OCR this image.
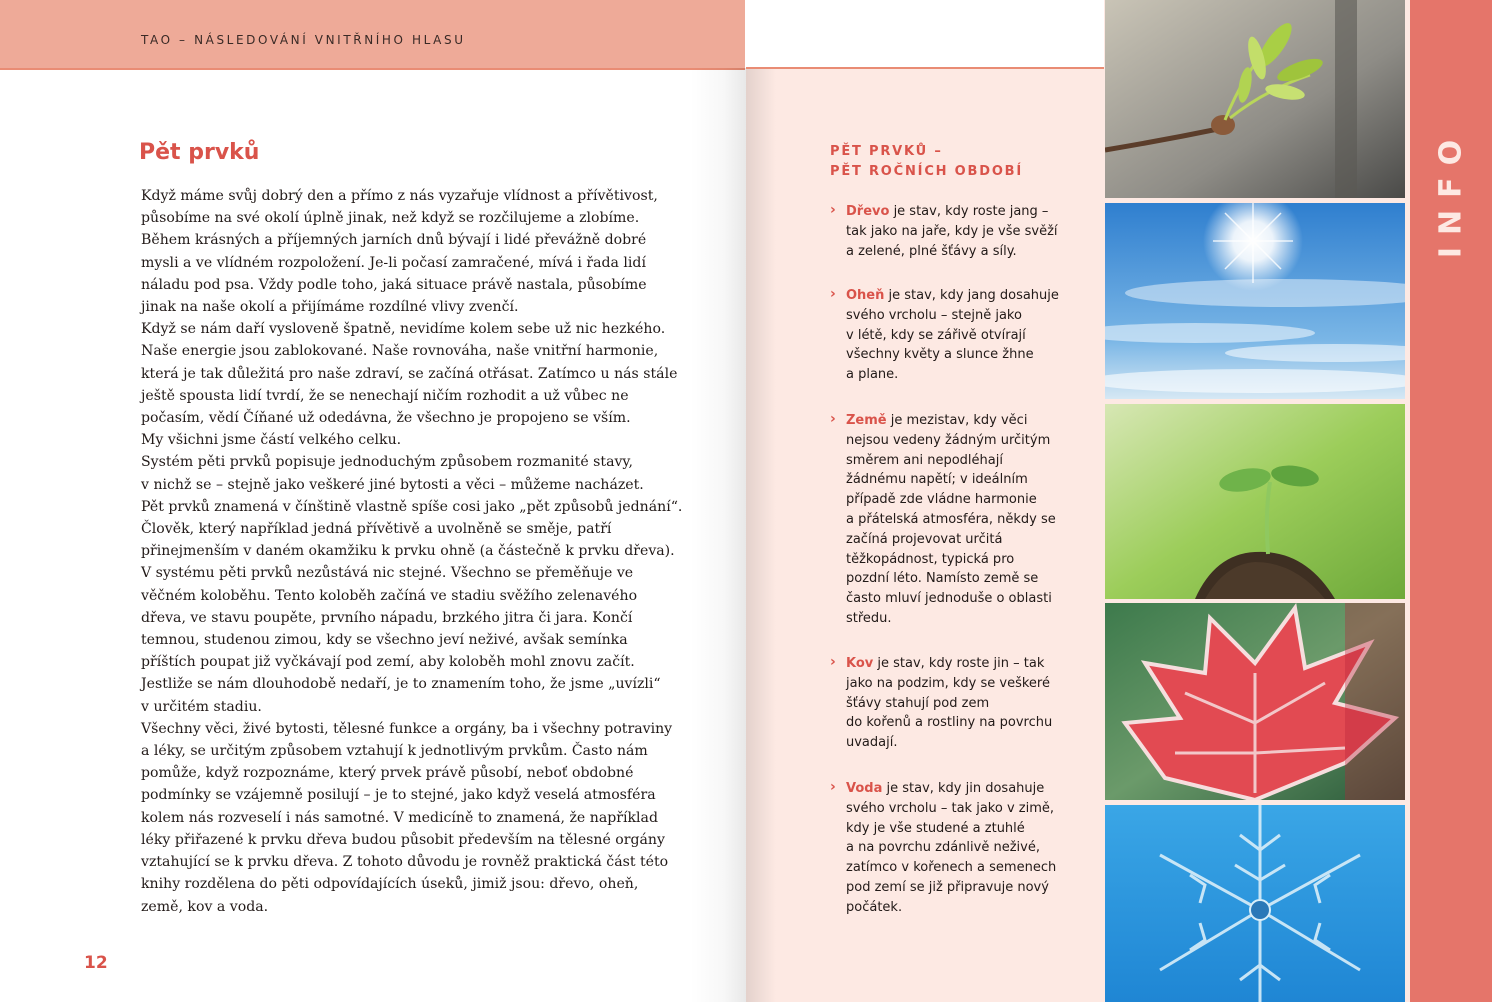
TAO – NÁSLEDOVÁNÍ VNITŘNÍHO HLASU
Pět prvků
Když máme svůj dobrý den a přímo z nás vyzařuje vlídnost a přívětivost,
působíme na své okolí úplně jinak, než když se rozčilujeme a zlobíme.
Během krásných a příjemných jarních dnů bývají i lidé převážně dobré
mysli a ve vlídném rozpoložení. Je-li počasí zamračené, mívá i řada lidí
náladu pod psa. Vždy podle toho, jaká situace právě nastala, působíme
jinak na naše okolí a přijímáme rozdílné vlivy zvenčí.
Když se nám daří vysloveně špatně, nevidíme kolem sebe už nic hezkého.
Naše energie jsou zablokované. Naše rovnováha, naše vnitřní harmonie,
která je tak důležitá pro naše zdraví, se začíná otřásat. Zatímco u nás stále
ještě spousta lidí tvrdí, že se nenechají ničím rozhodit a už vůbec ne
počasím, vědí Číňané už odedávna, že všechno je propojeno se vším.
My všichni jsme částí velkého celku.
Systém pěti prvků popisuje jednoduchým způsobem rozmanité stavy,
v nichž se – stejně jako veškeré jiné bytosti a věci – můžeme nacházet.
Pět prvků znamená v čínštině vlastně spíše cosi jako „pět způsobů jednání“.
Člověk, který například jedná přívětivě a uvolněně se směje, patří
přinejmenším v daném okamžiku k prvku ohně (a částečně k prvku dřeva).
V systému pěti prvků nezůstává nic stejné. Všechno se přeměňuje ve
věčném koloběhu. Tento koloběh začíná ve stadiu svěžího zelenavého
dřeva, ve stavu poupěte, prvního nápadu, brzkého jitra či jara. Končí
temnou, studenou zimou, kdy se všechno jeví neživé, avšak semínka
příštích poupat již vyčkávají pod zemí, aby koloběh mohl znovu začít.
Jestliže se nám dlouhodobě nedaří, je to znamením toho, že jsme „uvízli“
v určitém stadiu.
Všechny věci, živé bytosti, tělesné funkce a orgány, ba i všechny potraviny
a léky, se určitým způsobem vztahují k jednotlivým prvkům. Často nám
pomůže, když rozpoznáme, který prvek právě působí, neboť obdobné
podmínky se vzájemně posilují – je to stejné, jako když veselá atmosféra
kolem nás rozveselí i nás samotné. V medicíně to znamená, že například
léky přiřazené k prvku dřeva budou působit především na tělesné orgány
vztahující se k prvku dřeva. Z tohoto důvodu je rovněž praktická část této
knihy rozdělena do pěti odpovídajících úseků, jimiž jsou: dřevo, oheň,
země, kov a voda.
12
PĚT PRVKŮ –
PĚT ROČNÍCH OBDOBÍ
› Dřevo je stav, kdy roste jang –
tak jako na jaře, kdy je vše svěží
a zelené, plné šťávy a síly.
› Oheň je stav, kdy jang dosahuje
svého vrcholu – stejně jako
v létě, kdy se zářivě otvírají
všechny květy a slunce žhne
a plane.
› Země je mezistav, kdy věci
nejsou vedeny žádným určitým
směrem ani nepodléhají
žádnému napětí; v ideálním
případě zde vládne harmonie
a přátelská atmosféra, někdy se
začíná projevovat určitá
těžkopádnost, typická pro
pozdní léto. Namísto země se
často mluví jednoduše o oblasti
středu.
› Kov je stav, kdy roste jin – tak
jako na podzim, kdy se veškeré
šťávy stahují pod zem
do kořenů a rostliny na povrchu
uvadají.
› Voda je stav, kdy jin dosahuje
svého vrcholu – tak jako v zimě,
kdy je vše studené a ztuhlé
a na povrchu zdánlivě neživé,
zatímco v kořenech a semenech
pod zemí se již připravuje nový
počátek.
INFO
